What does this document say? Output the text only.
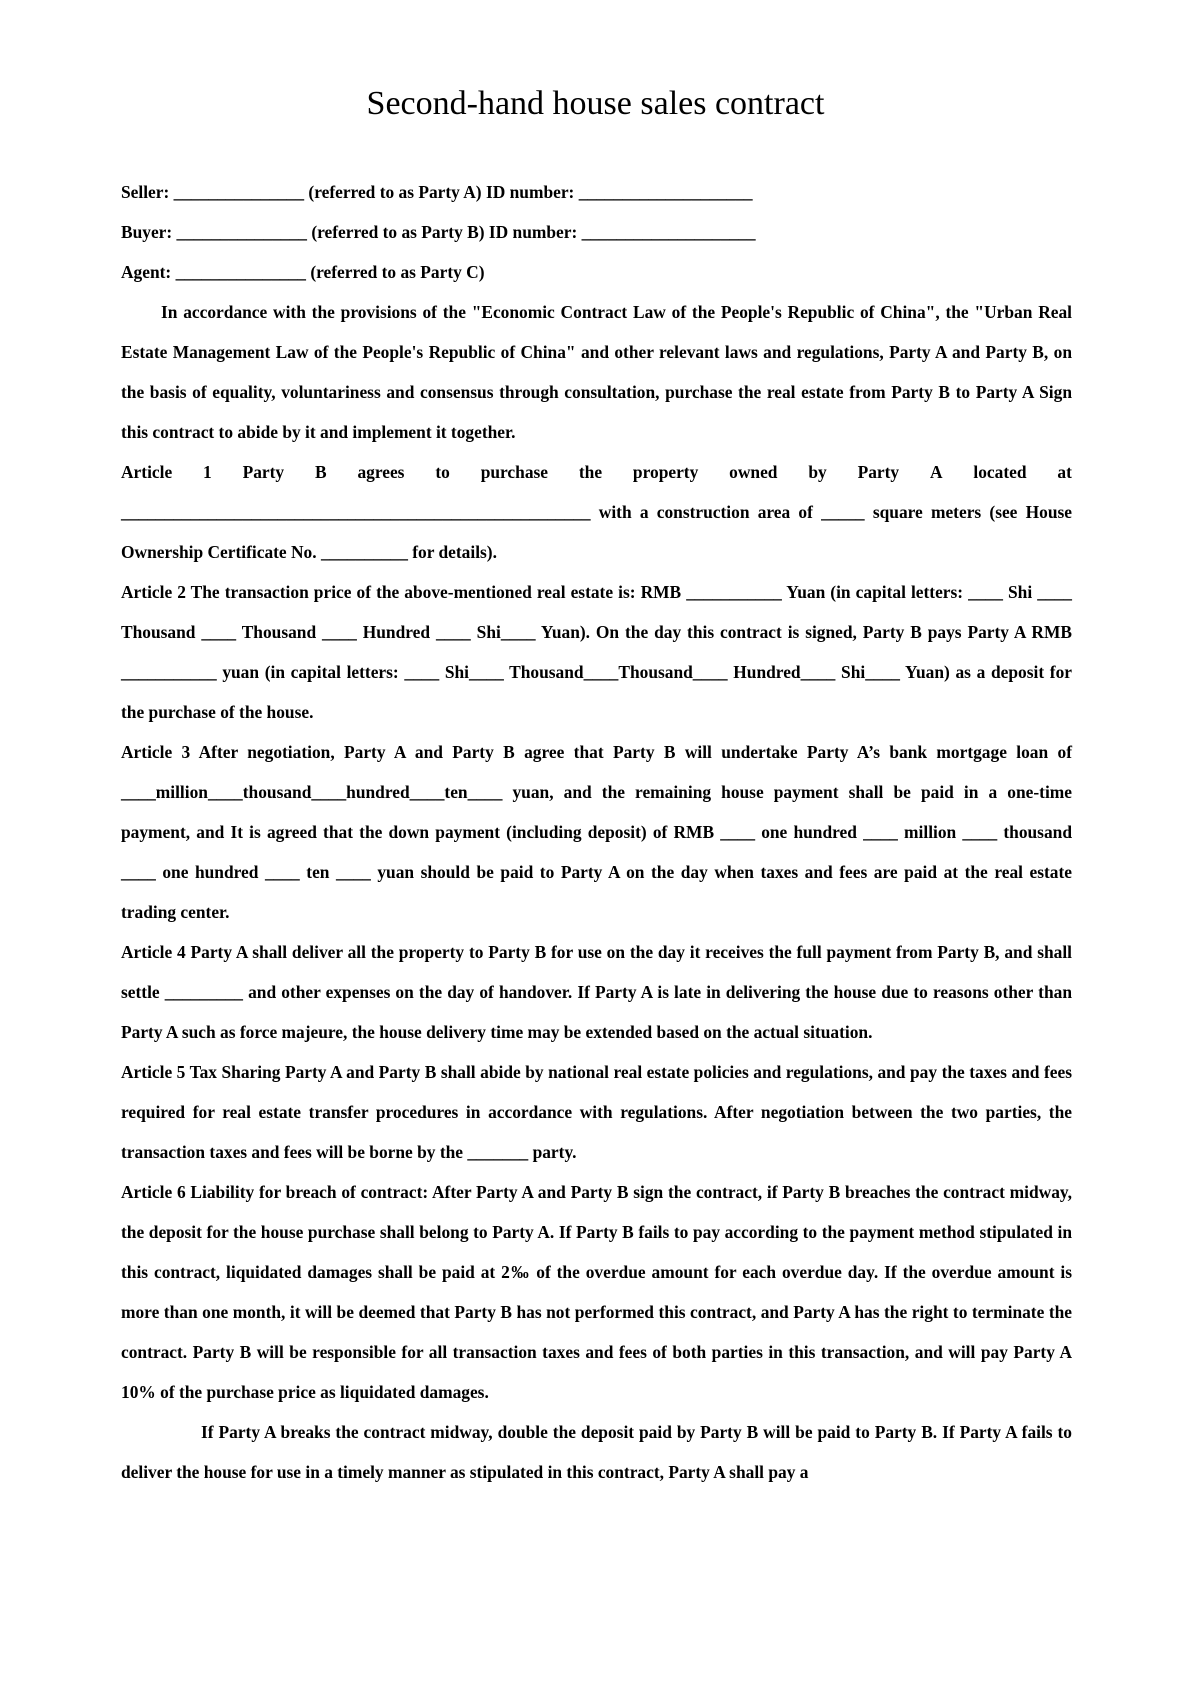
Second-hand house sales contract
Seller: _______________ (referred to as Party A) ID number: ____________________
Buyer: _______________ (referred to as Party B) ID number: ____________________
Agent: _______________ (referred to as Party C)
In accordance with the provisions of the "Economic Contract Law of the People's Republic of China", the "Urban Real Estate Management Law of the People's Republic of China" and other relevant laws and regulations, Party A and Party B, on the basis of equality, voluntariness and consensus through consultation, purchase the real estate from Party B to Party A Sign this contract to abide by it and implement it together.
Article 1 Party B agrees to purchase the property owned by Party A located at
______________________________________________________ with a construction area of _____ square meters (see House Ownership Certificate No. __________ for details).
Article 2 The transaction price of the above-mentioned real estate is: RMB ___________ Yuan (in capital letters: ____ Shi ____ Thousand ____ Thousand ____ Hundred ____ Shi____ Yuan). On the day this contract is signed, Party B pays Party A RMB ___________ yuan (in capital letters: ____ Shi____ Thousand____Thousand____ Hundred____ Shi____ Yuan) as a deposit for the purchase of the house.
Article 3 After negotiation, Party A and Party B agree that Party B will undertake Party A’s bank mortgage loan of ____million____thousand____hundred____ten____ yuan, and the remaining house payment shall be paid in a one-time payment, and It is agreed that the down payment (including deposit) of RMB ____ one hundred ____ million ____ thousand ____ one hundred ____ ten ____ yuan should be paid to Party A on the day when taxes and fees are paid at the real estate trading center.
Article 4 Party A shall deliver all the property to Party B for use on the day it receives the full payment from Party B, and shall settle _________ and other expenses on the day of handover. If Party A is late in delivering the house due to reasons other than Party A such as force majeure, the house delivery time may be extended based on the actual situation.
Article 5 Tax Sharing Party A and Party B shall abide by national real estate policies and regulations, and pay the taxes and fees required for real estate transfer procedures in accordance with regulations. After negotiation between the two parties, the transaction taxes and fees will be borne by the _______ party.
Article 6 Liability for breach of contract: After Party A and Party B sign the contract, if Party B breaches the contract midway, the deposit for the house purchase shall belong to Party A. If Party B fails to pay according to the payment method stipulated in this contract, liquidated damages shall be paid at 2‰ of the overdue amount for each overdue day. If the overdue amount is more than one month, it will be deemed that Party B has not performed this contract, and Party A has the right to terminate the contract. Party B will be responsible for all transaction taxes and fees of both parties in this transaction, and will pay Party A 10% of the purchase price as liquidated damages.
If Party A breaks the contract midway, double the deposit paid by Party B will be paid to Party B. If Party A fails to deliver the house for use in a timely manner as stipulated in this contract, Party A shall pay a
